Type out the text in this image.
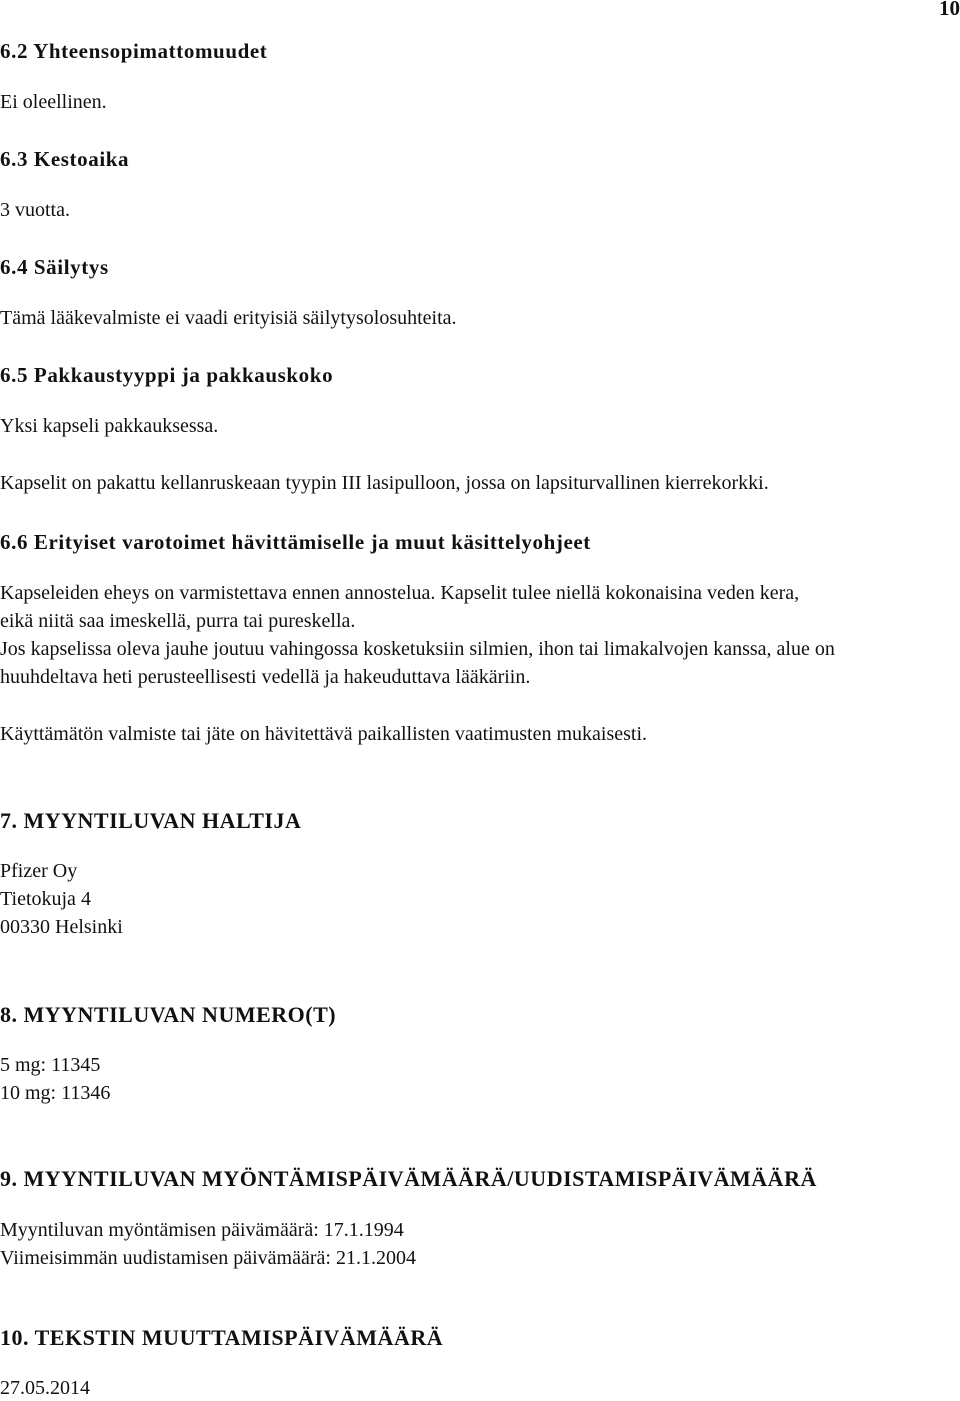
10
6.2 Yhteensopimattomuudet
Ei oleellinen.
6.3 Kestoaika
3 vuotta.
6.4 Säilytys
Tämä lääkevalmiste ei vaadi erityisiä säilytysolosuhteita.
6.5 Pakkaustyyppi ja pakkauskoko
Yksi kapseli pakkauksessa.
Kapselit on pakattu kellanruskeaan tyypin III lasipulloon, jossa on lapsiturvallinen kierrekorkki.
6.6 Erityiset varotoimet hävittämiselle ja muut käsittelyohjeet
Kapseleiden eheys on varmistettava ennen annostelua. Kapselit tulee niellä kokonaisina veden kera,
eikä niitä saa imeskellä, purra tai pureskella.
Jos kapselissa oleva jauhe joutuu vahingossa kosketuksiin silmien, ihon tai limakalvojen kanssa, alue on
huuhdeltava heti perusteellisesti vedellä ja hakeuduttava lääkäriin.
Käyttämätön valmiste tai jäte on hävitettävä paikallisten vaatimusten mukaisesti.
7. MYYNTILUVAN HALTIJA
Pfizer Oy
Tietokuja 4
00330 Helsinki
8. MYYNTILUVAN NUMERO(T)
5 mg: 11345
10 mg: 11346
9. MYYNTILUVAN MYÖNTÄMISPÄIVÄMÄÄRÄ/UUDISTAMISPÄIVÄMÄÄRÄ
Myyntiluvan myöntämisen päivämäärä: 17.1.1994
Viimeisimmän uudistamisen päivämäärä: 21.1.2004
10. TEKSTIN MUUTTAMISPÄIVÄMÄÄRÄ
27.05.2014
